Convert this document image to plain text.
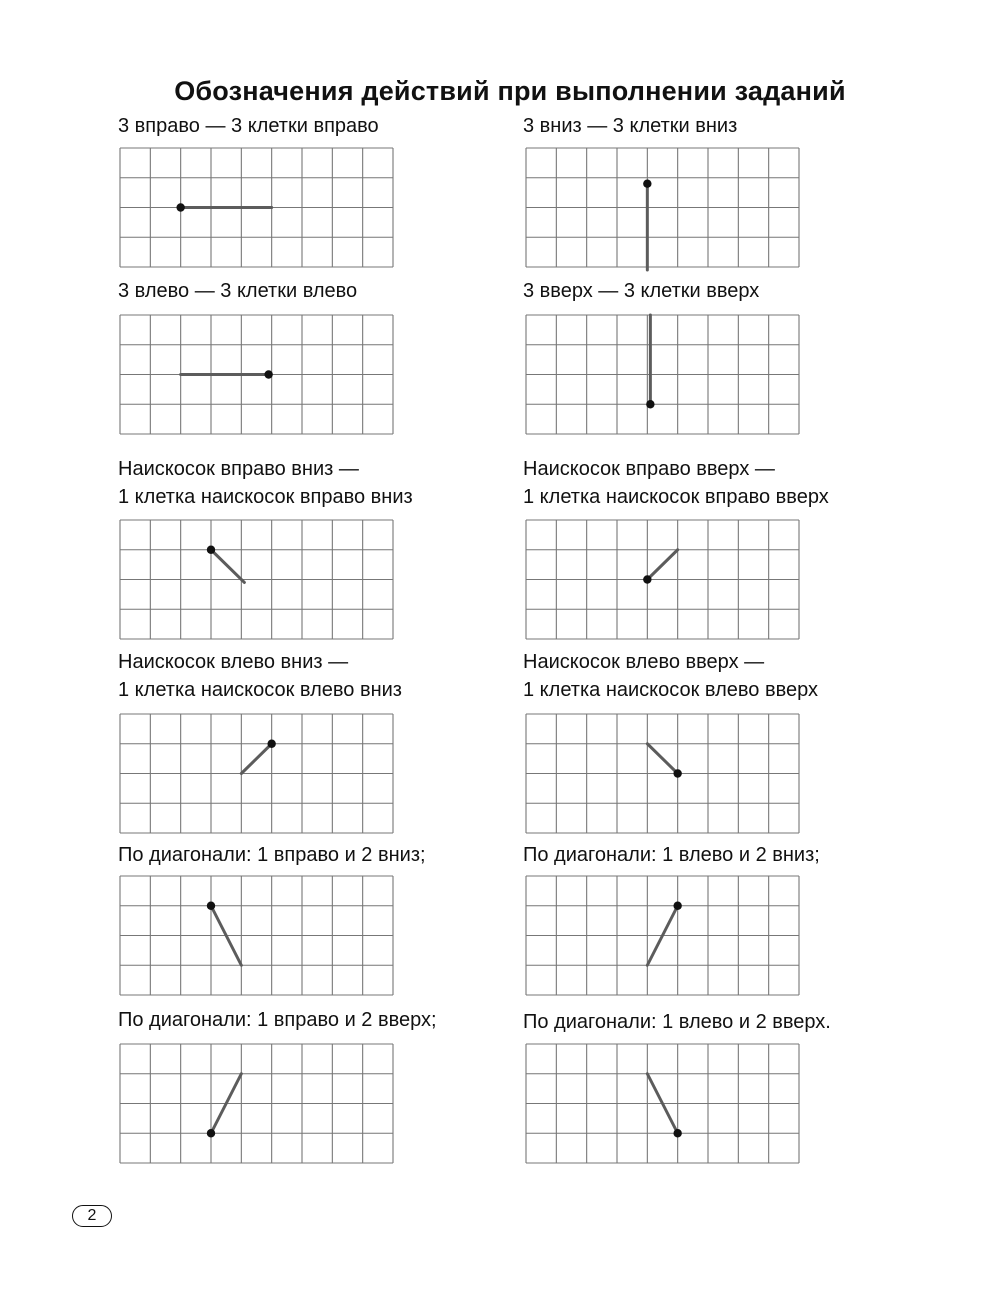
Обозначения действий при выполнении заданий
3 вправо — 3 клетки вправо	3 вниз — 3 клетки вниз
3 влево — 3 клетки влево	3 вверх — 3 клетки вверх
Наискосок вправо вниз —
1 клетка наискосок вправо вниз
Наискосок вправо вверх —
1 клетка наискосок вправо вверх
Наискосок влево вниз —
1 клетка наискосок влево вниз
Наискосок влево вверх —
1 клетка наискосок влево вверх
По диагонали: 1 вправо и 2 вниз;	По диагонали: 1 влево и 2 вниз;
По диагонали: 1 вправо и 2 вверх;	По диагонали: 1 влево и 2 вверх.
2
